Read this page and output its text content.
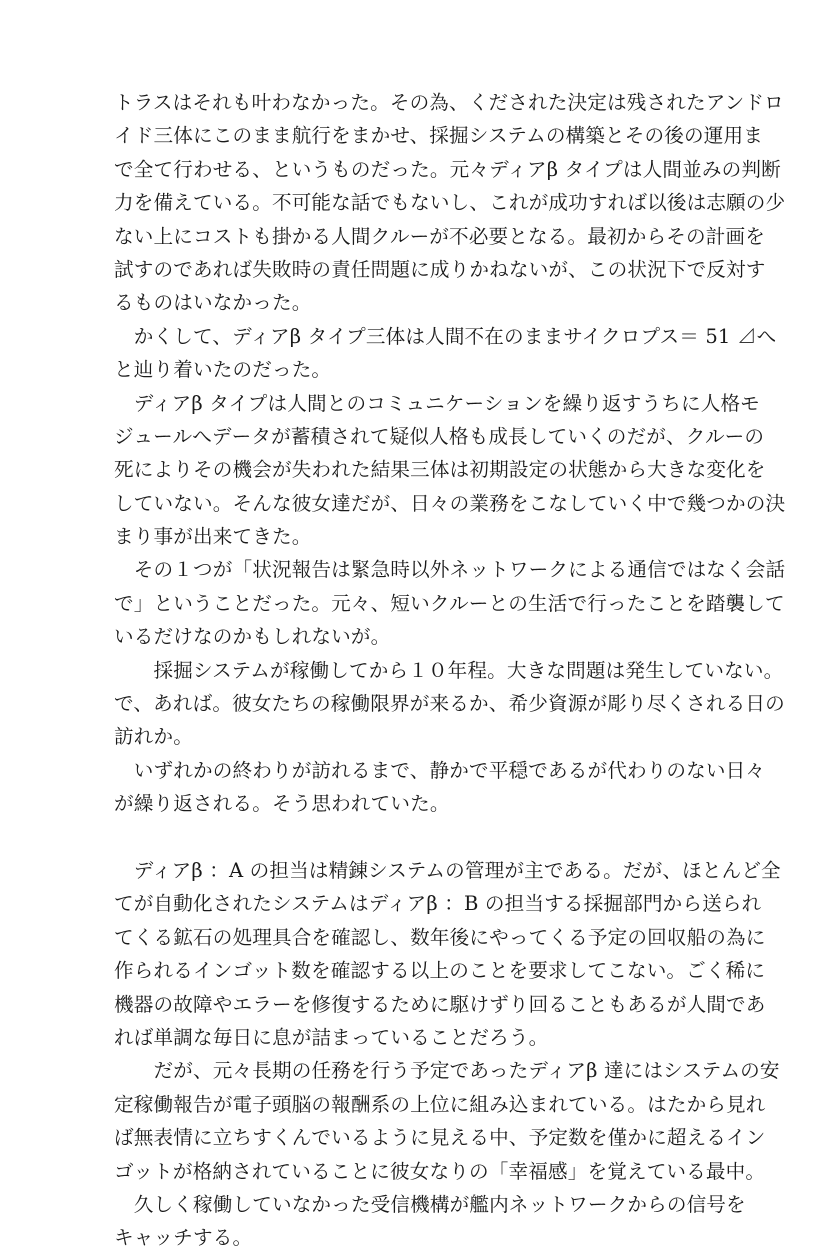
トラスはそれも叶わなかった。その為、くだされた決定は残されたアンドロ
イド三体にこのまま航行をまかせ、採掘システムの構築とその後の運用ま
で全て行わせる、というものだった。元々ディアβ タイプは人間並みの判断
力を備えている。不可能な話でもないし、これが成功すれば以後は志願の少
ない上にコストも掛かる人間クルーが不必要となる。最初からその計画を
試すのであれば失敗時の責任問題に成りかねないが、この状況下で反対す
るものはいなかった。
　かくして、ディアβ タイプ三体は人間不在のままサイクロプス＝ 51 ⊿へ
と辿り着いたのだった。
　ディアβ タイプは人間とのコミュニケーションを繰り返すうちに人格モ
ジュールへデータが蓄積されて疑似人格も成長していくのだが、クルーの
死によりその機会が失われた結果三体は初期設定の状態から大きな変化を
していない。そんな彼女達だが、日々の業務をこなしていく中で幾つかの決
まり事が出来てきた。
　その１つが「状況報告は緊急時以外ネットワークによる通信ではなく会話
で」ということだった。元々、短いクルーとの生活で行ったことを踏襲して
いるだけなのかもしれないが。
　　採掘システムが稼働してから１０年程。大きな問題は発生していない。
で、あれば。彼女たちの稼働限界が来るか、希少資源が彫り尽くされる日の
訪れか。
　いずれかの終わりが訪れるまで、静かで平穏であるが代わりのない日々
が繰り返される。そう思われていた。
　ディアβ ：A の担当は精錬システムの管理が主である。だが、ほとんど全
てが自動化されたシステムはディアβ ：B の担当する採掘部門から送られ
てくる鉱石の処理具合を確認し、数年後にやってくる予定の回収船の為に
作られるインゴット数を確認する以上のことを要求してこない。ごく稀に
機器の故障やエラーを修復するために駆けずり回ることもあるが人間であ
れば単調な毎日に息が詰まっていることだろう。
　　だが、元々長期の任務を行う予定であったディアβ 達にはシステムの安
定稼働報告が電子頭脳の報酬系の上位に組み込まれている。はたから見れ
ば無表情に立ちすくんでいるように見える中、予定数を僅かに超えるイン
ゴットが格納されていることに彼女なりの「幸福感」を覚えている最中。
　久しく稼働していなかった受信機構が艦内ネットワークからの信号を
キャッチする。
